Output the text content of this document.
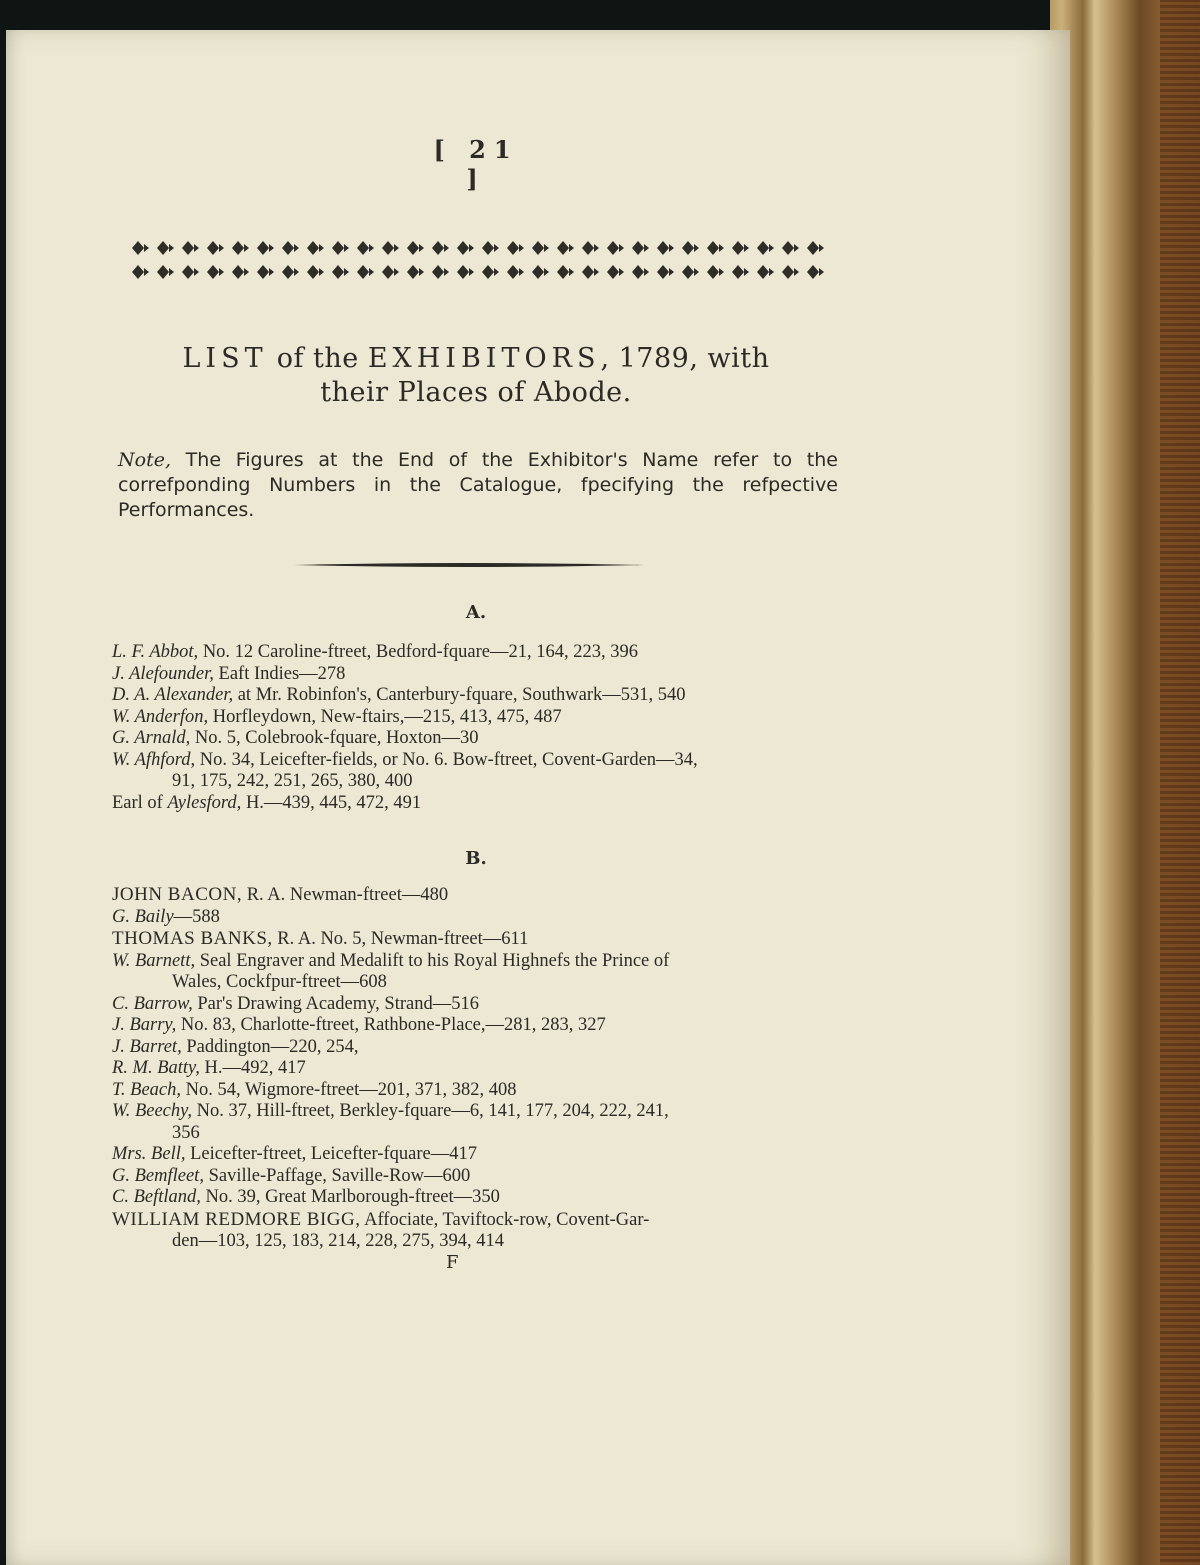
[ 21 ]
LIST of the EXHIBITORS, 1789, with
their Places of Abode.
Note, The Figures at the End of the Exhibitor's Name refer to the correfponding Numbers in the Catalogue, fpecifying the refpective Performances.
A.
L. F. Abbot, No. 12 Caroline-ftreet, Bedford-fquare—21, 164, 223, 396
J. Alefounder, Eaft Indies—278
D. A. Alexander, at Mr. Robinfon's, Canterbury-fquare, Southwark—531, 540
W. Anderfon, Horfleydown, New-ftairs,—215, 413, 475, 487
G. Arnald, No. 5, Colebrook-fquare, Hoxton—30
W. Afhford, No. 34, Leicefter-fields, or No. 6. Bow-ftreet, Covent-Garden—34,
91, 175, 242, 251, 265, 380, 400
Earl of Aylesford, H.—439, 445, 472, 491
B.
JOHN BACON, R. A. Newman-ftreet—480
G. Baily—588
THOMAS BANKS, R. A. No. 5, Newman-ftreet—611
W. Barnett, Seal Engraver and Medalift to his Royal Highnefs the Prince of
Wales, Cockfpur-ftreet—608
C. Barrow, Par's Drawing Academy, Strand—516
J. Barry, No. 83, Charlotte-ftreet, Rathbone-Place,—281, 283, 327
J. Barret, Paddington—220, 254,
R. M. Batty, H.—492, 417
T. Beach, No. 54, Wigmore-ftreet—201, 371, 382, 408
W. Beechy, No. 37, Hill-ftreet, Berkley-fquare—6, 141, 177, 204, 222, 241,
356
Mrs. Bell, Leicefter-ftreet, Leicefter-fquare—417
G. Bemfleet, Saville-Paffage, Saville-Row—600
C. Beftland, No. 39, Great Marlborough-ftreet—350
WILLIAM REDMORE BIGG, Affociate, Taviftock-row, Covent-Gar-
den—103, 125, 183, 214, 228, 275, 394, 414
F
